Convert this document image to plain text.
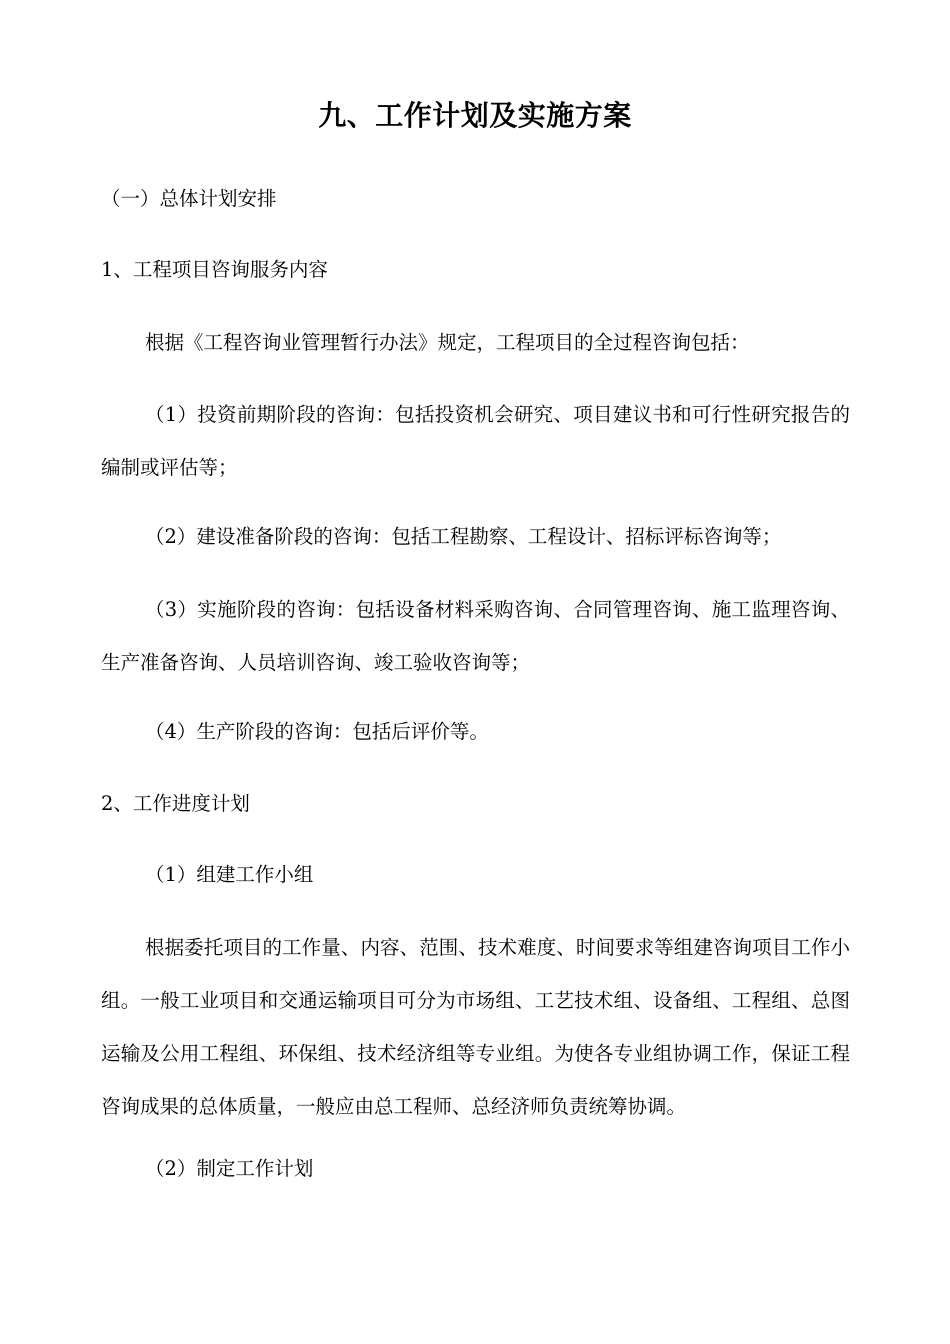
九、工作计划及实施方案
（一）总体计划安排
1、工程项目咨询服务内容
根据《工程咨询业管理暂行办法》规定，工程项目的全过程咨询包括：
（1）投资前期阶段的咨询：包括投资机会研究、项目建议书和可行性研究报告的编制或评估等；
（2）建设准备阶段的咨询：包括工程勘察、工程设计、招标评标咨询等；
（3）实施阶段的咨询：包括设备材料采购咨询、合同管理咨询、施工监理咨询、生产准备咨询、人员培训咨询、竣工验收咨询等；
（4）生产阶段的咨询：包括后评价等。
2、工作进度计划
（1）组建工作小组
根据委托项目的工作量、内容、范围、技术难度、时间要求等组建咨询项目工作小组。一般工业项目和交通运输项目可分为市场组、工艺技术组、设备组、工程组、总图运输及公用工程组、环保组、技术经济组等专业组。为使各专业组协调工作，保证工程咨询成果的总体质量，一般应由总工程师、总经济师负责统筹协调。
（2）制定工作计划
